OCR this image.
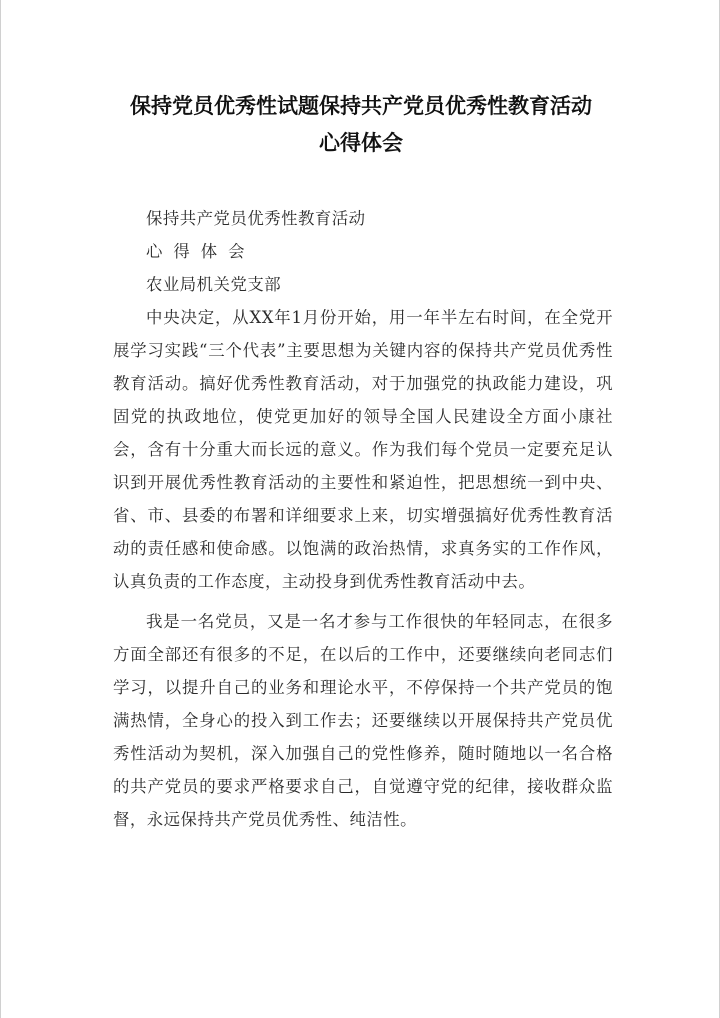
保持党员优秀性试题保持共产党员优秀性教育活动
心得体会

保持共产党员优秀性教育活动

心得体会

农业局机关党支部

中央决定，从XX年1月份开始，用一年半左右时间，在全党开展学习实践“三个代表”主要思想为关键内容的保持共产党员优秀性教育活动。搞好优秀性教育活动，对于加强党的执政能力建设，巩固党的执政地位，使党更加好的领导全国人民建设全方面小康社会，含有十分重大而长远的意义。作为我们每个党员一定要充足认识到开展优秀性教育活动的主要性和紧迫性，把思想统一到中央、省、市、县委的布署和详细要求上来，切实增强搞好优秀性教育活动的责任感和使命感。以饱满的政治热情，求真务实的工作作风，认真负责的工作态度，主动投身到优秀性教育活动中去。

我是一名党员，又是一名才参与工作很快的年轻同志，在很多方面全部还有很多的不足，在以后的工作中，还要继续向老同志们学习，以提升自己的业务和理论水平，不停保持一个共产党员的饱满热情，全身心的投入到工作去；还要继续以开展保持共产党员优秀性活动为契机，深入加强自己的党性修养，随时随地以一名合格的共产党员的要求严格要求自己，自觉遵守党的纪律，接收群众监督，永远保持共产党员优秀性、纯洁性。
